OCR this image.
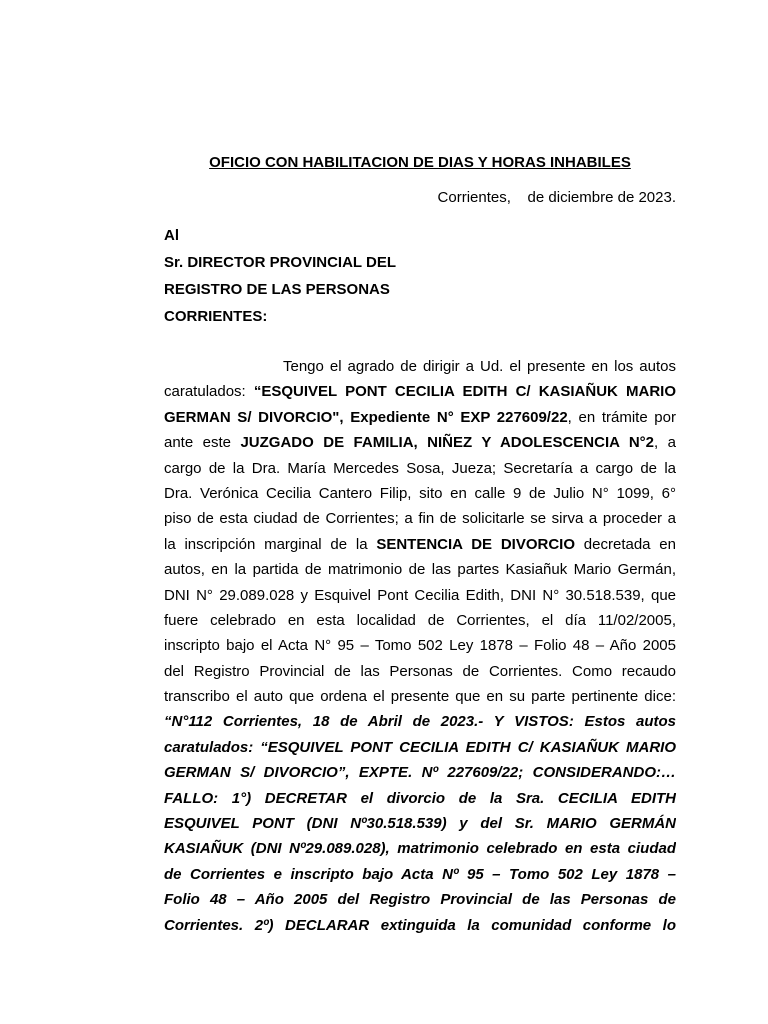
OFICIO CON HABILITACION DE DIAS Y HORAS INHABILES
Corrientes,    de diciembre de 2023.
Al
Sr. DIRECTOR PROVINCIAL DEL
REGISTRO DE LAS PERSONAS
CORRIENTES:
Tengo el agrado de dirigir a Ud. el presente en los autos
caratulados: “ESQUIVEL PONT CECILIA EDITH C/ KASIAÑUK MARIO
GERMAN S/ DIVORCIO", Expediente N° EXP 227609/22, en trámite por
ante este JUZGADO DE FAMILIA, NIÑEZ Y ADOLESCENCIA N°2, a
cargo de la Dra. María Mercedes Sosa, Jueza; Secretaría a cargo de la
Dra. Verónica Cecilia Cantero Filip, sito en calle 9 de Julio N° 1099, 6°
piso de esta ciudad de Corrientes; a fin de solicitarle se sirva a proceder a
la inscripción marginal de la SENTENCIA DE DIVORCIO decretada en
autos, en la partida de matrimonio de las partes Kasiañuk Mario Germán,
DNI N° 29.089.028 y Esquivel Pont Cecilia Edith, DNI N° 30.518.539, que
fuere celebrado en esta localidad de Corrientes, el día 11/02/2005,
inscripto bajo el Acta N° 95 – Tomo 502 Ley 1878 – Folio 48 – Año 2005
del Registro Provincial de las Personas de Corrientes. Como recaudo
transcribo el auto que ordena el presente que en su parte pertinente dice:
“N°112 Corrientes, 18 de Abril de 2023.- Y VISTOS: Estos autos
caratulados: “ESQUIVEL PONT CECILIA EDITH C/ KASIAÑUK MARIO
GERMAN S/ DIVORCIO”, EXPTE. Nº 227609/22; CONSIDERANDO:…
FALLO: 1°) DECRETAR el divorcio de la Sra. CECILIA EDITH
ESQUIVEL PONT (DNI Nº30.518.539) y del Sr. MARIO GERMÁN
KASIAÑUK (DNI Nº29.089.028), matrimonio celebrado en esta ciudad
de Corrientes e inscripto bajo Acta Nº 95 – Tomo 502 Ley 1878 –
Folio 48 – Año 2005 del Registro Provincial de las Personas de
Corrientes. 2º) DECLARAR extinguida la comunidad conforme lo
